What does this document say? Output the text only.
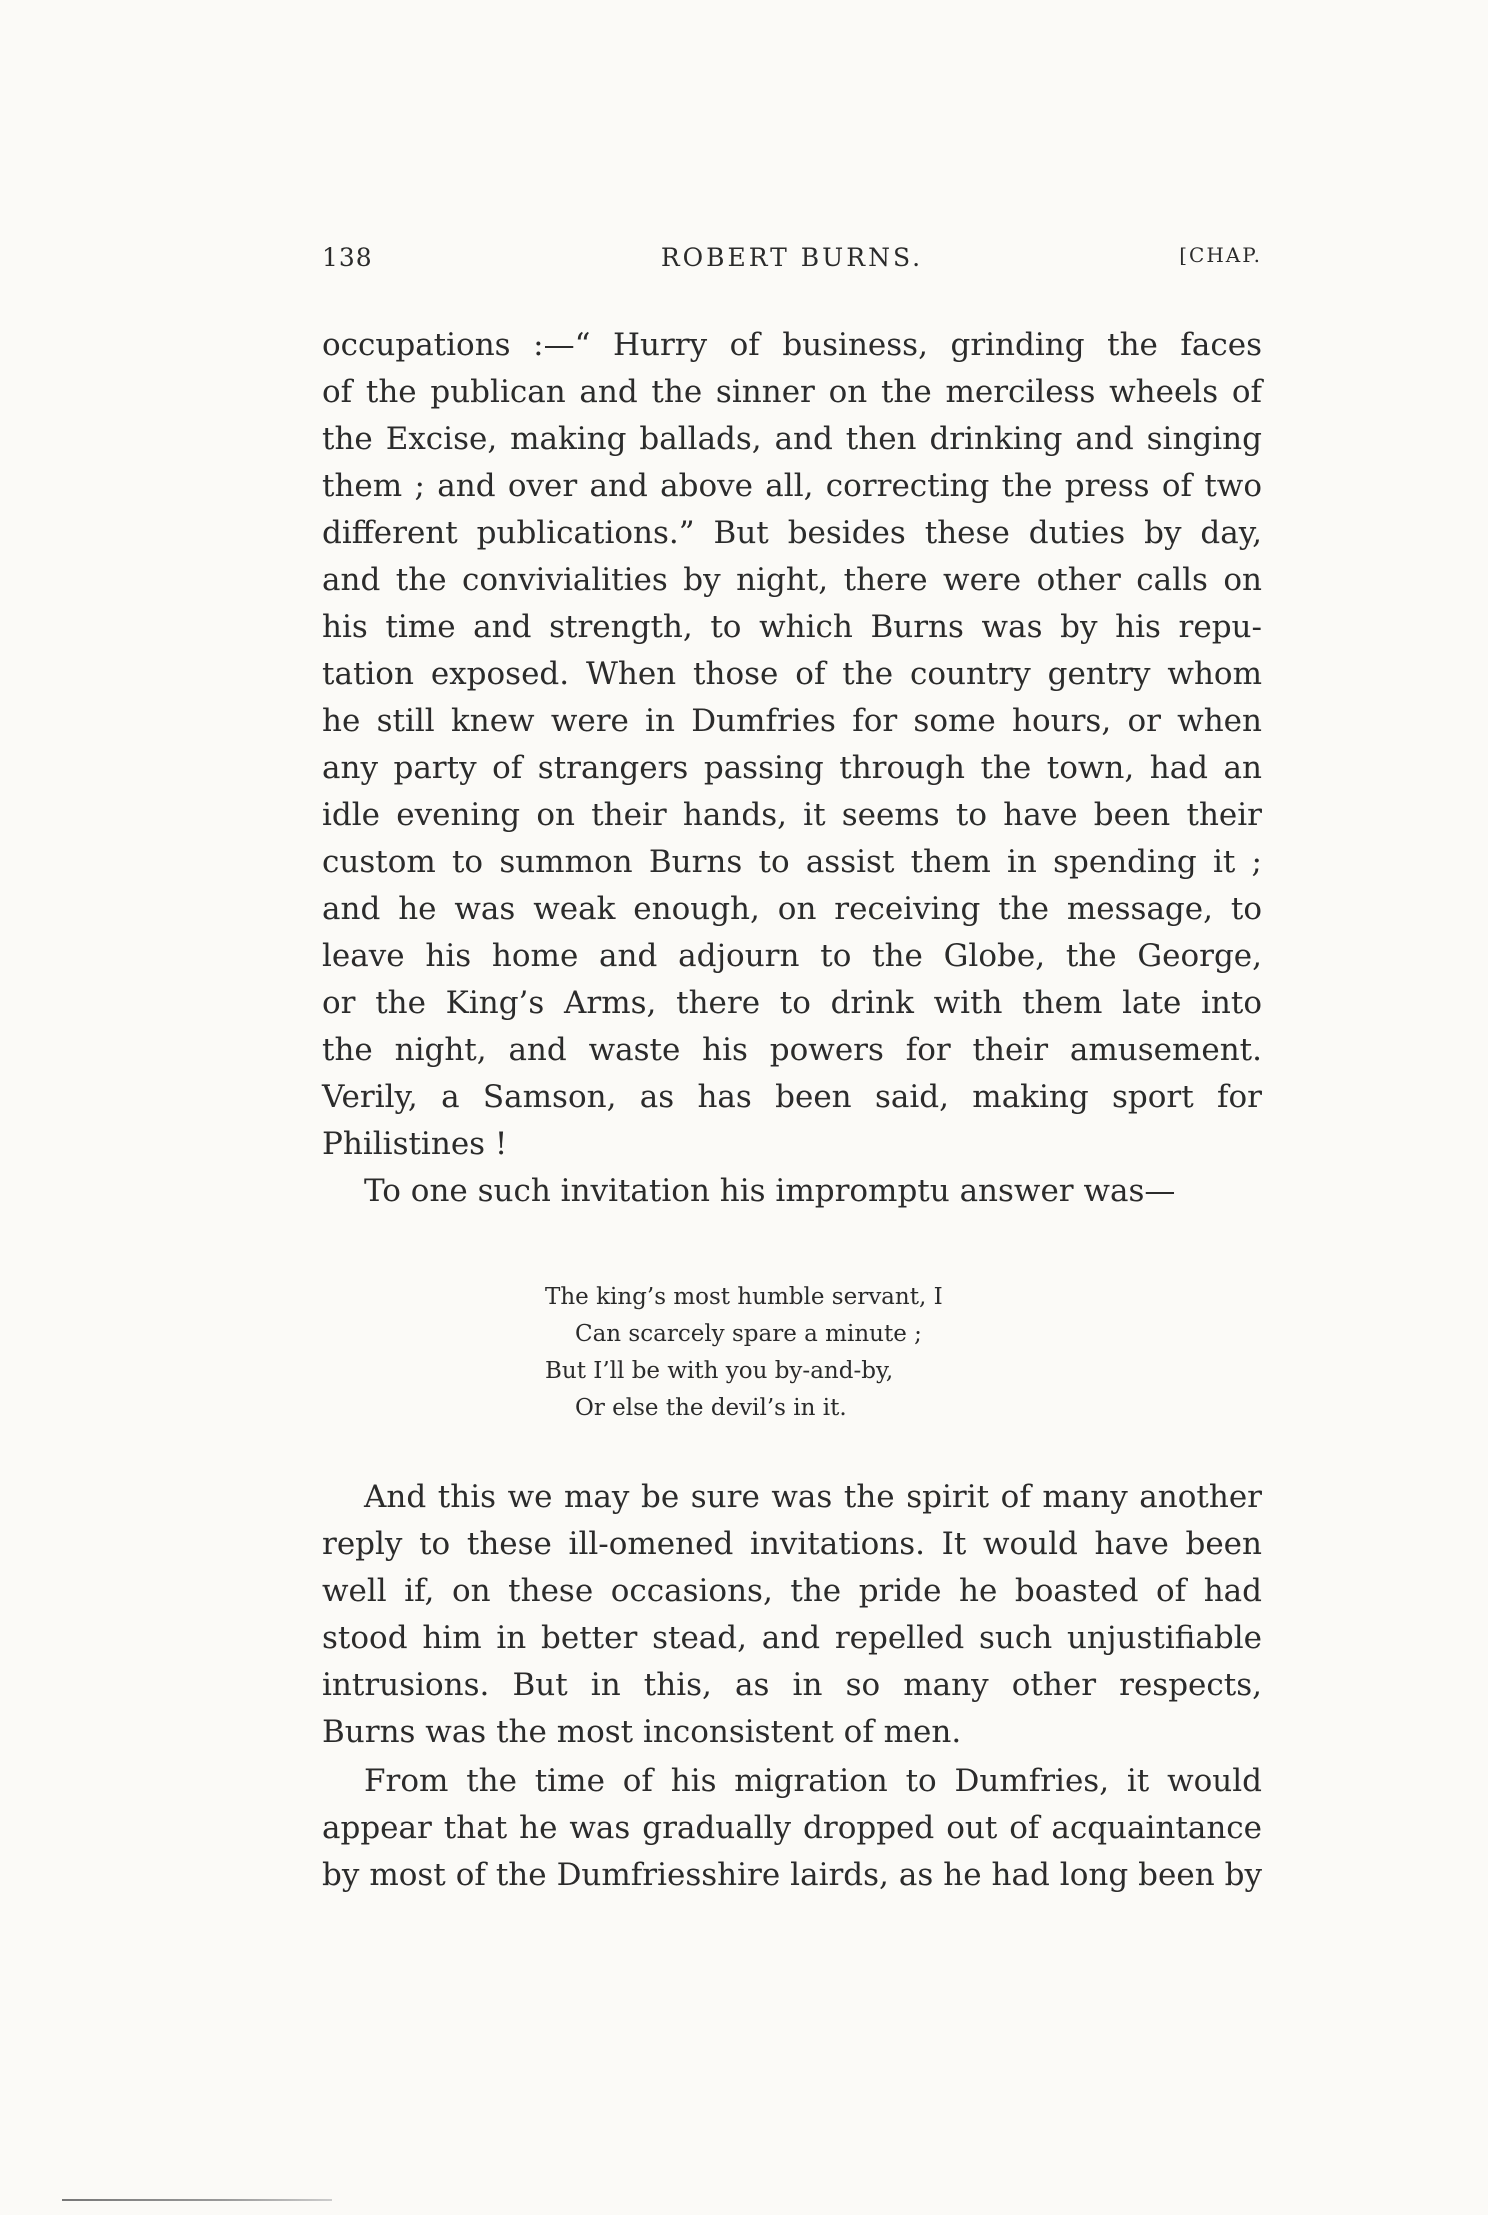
138	ROBERT BURNS.	[CHAP.
occupations :—“ Hurry of business, grinding the faces
of the publican and the sinner on the merciless wheels of
the Excise, making ballads, and then drinking and singing
them ; and over and above all, correcting the press of two
different publications.” But besides these duties by day,
and the convivialities by night, there were other calls on
his time and strength, to which Burns was by his repu-
tation exposed. When those of the country gentry whom
he still knew were in Dumfries for some hours, or when
any party of strangers passing through the town, had an
idle evening on their hands, it seems to have been their
custom to summon Burns to assist them in spending it ;
and he was weak enough, on receiving the message, to
leave his home and adjourn to the Globe, the George,
or the King’s Arms, there to drink with them late into
the night, and waste his powers for their amusement.
Verily, a Samson, as has been said, making sport for
Philistines !
To one such invitation his impromptu answer was—
The king’s most humble servant, I
Can scarcely spare a minute ;
But I’ll be with you by-and-by,
Or else the devil’s in it.
And this we may be sure was the spirit of many another
reply to these ill-omened invitations. It would have been
well if, on these occasions, the pride he boasted of had
stood him in better stead, and repelled such unjustifiable
intrusions. But in this, as in so many other respects,
Burns was the most inconsistent of men.
From the time of his migration to Dumfries, it would
appear that he was gradually dropped out of acquaintance
by most of the Dumfriesshire lairds, as he had long been by
